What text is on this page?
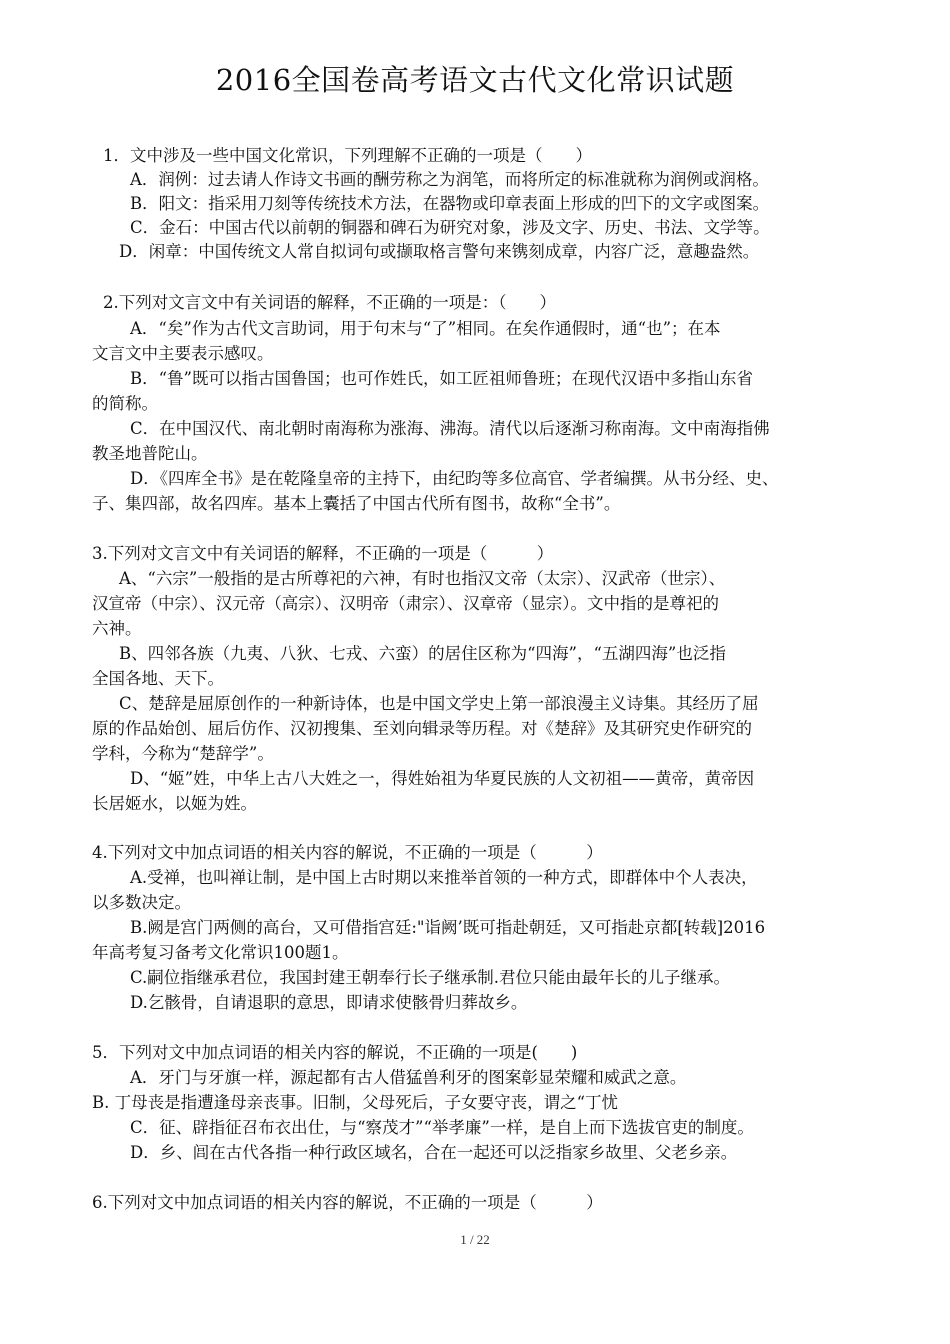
2016全国卷高考语文古代文化常识试题
1．文中涉及一些中国文化常识，下列理解不正确的一项是（　　）
A．润例：过去请人作诗文书画的酬劳称之为润笔，而将所定的标准就称为润例或润格。
B．阳文：指采用刀刻等传统技术方法，在器物或印章表面上形成的凹下的文字或图案。
C．金石：中国古代以前朝的铜器和碑石为研究对象，涉及文字、历史、书法、文学等。
D．闲章：中国传统文人常自拟词句或撷取格言警句来镌刻成章，内容广泛，意趣盎然。
2.下列对文言文中有关词语的解释，不正确的一项是：（　　）
A．“矣”作为古代文言助词，用于句末与“了”相同。在矣作通假时，通“也”；在本
文言文中主要表示感叹。
B．“鲁”既可以指古国鲁国；也可作姓氏，如工匠祖师鲁班；在现代汉语中多指山东省
的简称。
C．在中国汉代、南北朝时南海称为涨海、沸海。清代以后逐渐习称南海。文中南海指佛
教圣地普陀山。
D．《四库全书》是在乾隆皇帝的主持下，由纪昀等多位高官、学者编撰。从书分经、史、
子、集四部，故名四库。基本上囊括了中国古代所有图书，故称“全书”。
3.下列对文言文中有关词语的解释，不正确的一项是（　　　）
A、“六宗”一般指的是古所尊祀的六神，有时也指汉文帝（太宗）、汉武帝（世宗）、
汉宣帝（中宗）、汉元帝（高宗）、汉明帝（肃宗）、汉章帝（显宗）。文中指的是尊祀的
六神。
B、四邻各族（九夷、八狄、七戎、六蛮）的居住区称为“四海”，“五湖四海”也泛指
全国各地、天下。
C、楚辞是屈原创作的一种新诗体，也是中国文学史上第一部浪漫主义诗集。其经历了屈
原的作品始创、屈后仿作、汉初搜集、至刘向辑录等历程。对《楚辞》及其研究史作研究的
学科，今称为“楚辞学”。
D、“姬”姓，中华上古八大姓之一，得姓始祖为华夏民族的人文初祖——黄帝，黄帝因
长居姬水，以姬为姓。
4.下列对文中加点词语的相关内容的解说，不正确的一项是（　　　）
A.受禅，也叫禅让制，是中国上古时期以来推举首领的一种方式，即群体中个人表决，
以多数决定。
B.阙是宫门两侧的高台，又可借指宫廷:"诣阙’既可指赴朝廷，又可指赴京都[转载]2016
年高考复习备考文化常识100题1。
C.嗣位指继承君位，我国封建王朝奉行长子继承制.君位只能由最年长的儿子继承。
D.乞骸骨，自请退职的意思，即请求使骸骨归葬故乡。
5．下列对文中加点词语的相关内容的解说，不正确的一项是(　　)
A．牙门与牙旗一样，源起都有古人借猛兽利牙的图案彰显荣耀和威武之意。
B. 丁母丧是指遭逢母亲丧事。旧制，父母死后，子女要守丧，谓之“丁忧
C．征、辟指征召布衣出仕，与“察茂才”“举孝廉”一样，是自上而下选拔官吏的制度。
D．乡、闾在古代各指一种行政区域名，合在一起还可以泛指家乡故里、父老乡亲。
6.下列对文中加点词语的相关内容的解说，不正确的一项是（　　　）
1 / 22
